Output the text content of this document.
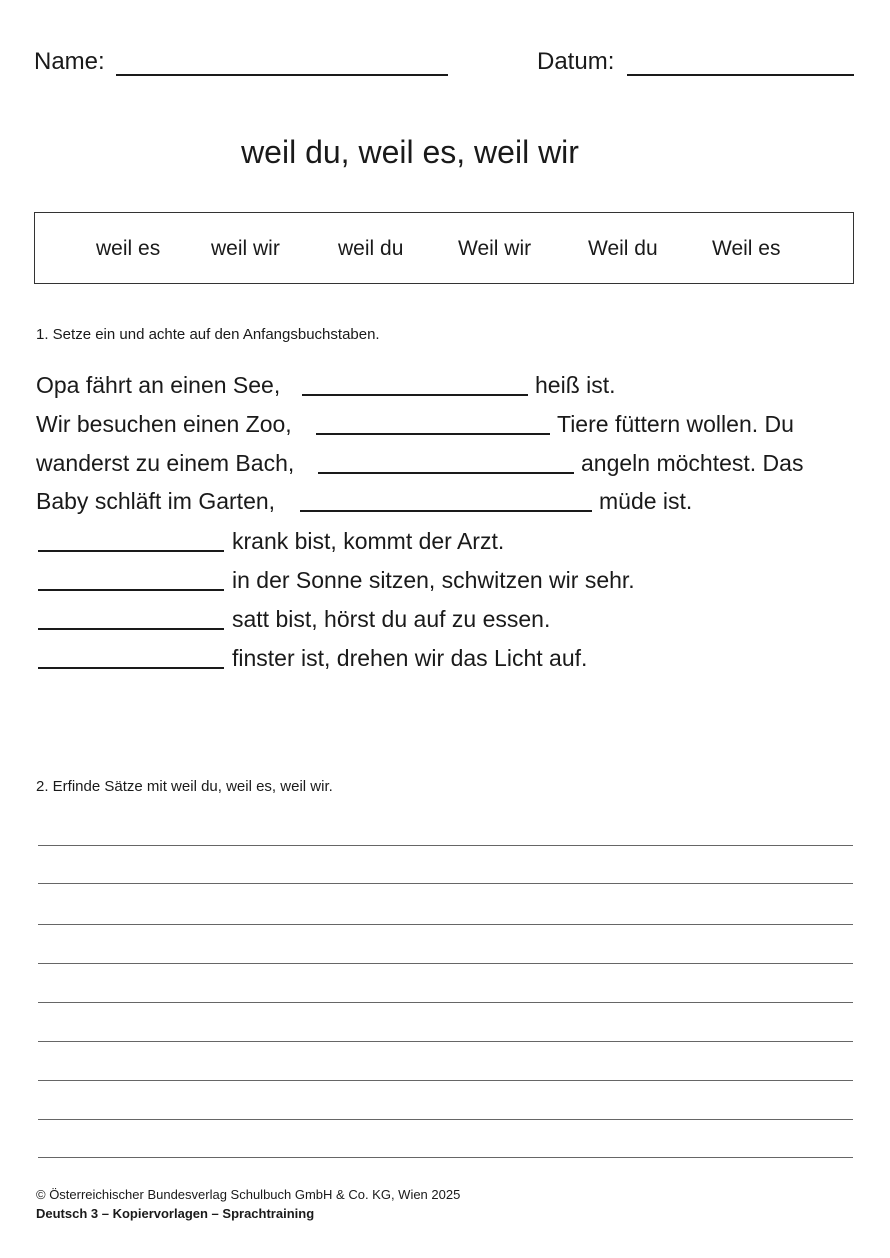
Name:	Datum:
weil du, weil es, weil wir
weil es weil wir	weil du	Weil wir	Weil du	Weil es
1. Setze ein und achte auf den Anfangsbuchstaben.
Opa fährt an einen See,	heiß ist.
Wir besuchen einen Zoo,	Tiere füttern wollen. Du
wanderst zu einem Bach,	angeln möchtest. Das
Baby schläft im Garten,	müde ist.
krank bist, kommt der Arzt.
in der Sonne sitzen, schwitzen wir sehr.
satt bist, hörst du auf zu essen.
finster ist, drehen wir das Licht auf.
2. Erfinde Sätze mit weil du, weil es, weil wir.
© Österreichischer Bundesverlag Schulbuch GmbH & Co. KG, Wien 2025
Deutsch 3 – Kopiervorlagen – Sprachtraining
